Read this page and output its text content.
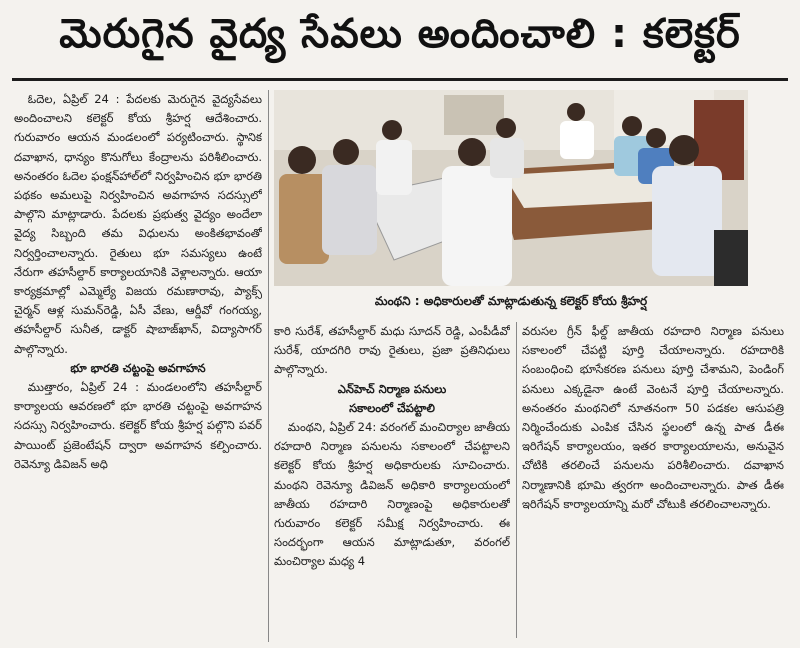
మెరుగైన వైద్య సేవలు అందించాలి : కలెక్టర్

ఓదెల, ఏప్రిల్ 24 : పేదలకు మెరుగైన వైద్యసేవలు అందించాలని కలెక్టర్ కోయ శ్రీహర్ష ఆదేశించారు. గురువారం ఆయన మండలంలో పర్యటించారు. స్థానిక దవాఖాన, ధాన్యం కొనుగోలు కేంద్రాలను పరిశీలించారు. అనంతరం ఓదెల ఫంక్షన్‌హాల్‌లో నిర్వహించిన భూ భారతి పథకం అమలుపై నిర్వహించిన అవగాహన సదస్సులో పాల్గొని మాట్లాడారు. పేదలకు ప్రభుత్వ వైద్యం అందేలా వైద్య సిబ్బంది తమ విధులను అంకితభావంతో నిర్వర్తించాలన్నారు. రైతులు భూ సమస్యలు ఉంటే నేరుగా తహసీల్దార్ కార్యాలయానికి వెళ్లాలన్నారు. ఆయా కార్యక్రమాల్లో ఎమ్మెల్యే విజయ రమణారావు, ప్యాక్స్ చైర్మన్ ఆళ్ల సుమన్‌రెడ్డి, ఏసీ వేణు, ఆర్డీవో గంగయ్య, తహసీల్దార్ సునీత, డాక్టర్ షాబాజ్‌ఖాన్, విద్యాసాగర్ పాల్గొన్నారు.

భూ భారతి చట్టంపై అవగాహన

ముత్తారం, ఏప్రిల్ 24 : మండలంలోని తహసీల్దార్ కార్యాలయ ఆవరణలో భూ భారతి చట్టంపై అవగాహన సదస్సు నిర్వహించారు. కలెక్టర్ కోయ శ్రీహర్ష పల్గొని పవర్ పాయింట్ ప్రజెంటేషన్ ద్వారా అవగాహన కల్పించారు. రెవెన్యూ డివిజన్ అధి

మంథని : అధికారులతో మాట్లాడుతున్న కలెక్టర్ కోయ శ్రీహర్ష

కారి సురేశ్, తహసీల్దార్ మధు సూదన్ రెడ్డి, ఎంపీడీవో సురేశ్, యాదగిరి రావు రైతులు, ప్రజా ప్రతినిధులు పాల్గొన్నారు.

ఎన్‌హెచ్ నిర్మాణ పనులు

సకాలంలో చేపట్టాలి

మంథని, ఏప్రిల్ 24: వరంగల్ మంచిర్యాల జాతీయ రహదారి నిర్మాణ పనులను సకాలంలో చేపట్టాలని కలెక్టర్ కోయ శ్రీహర్ష అధికారులకు సూచించారు. మంథని రెవెన్యూ డివిజన్ అధికారి కార్యాలయంలో జాతీయ రహదారి నిర్మాణంపై అధికారులతో గురువారం కలెక్టర్ సమీక్ష నిర్వహించారు. ఈ సందర్భంగా ఆయన మాట్లాడుతూ, వరంగల్ మంచిర్యాల మధ్య 4

వరుసల గ్రీన్ ఫీల్డ్ జాతీయ రహదారి నిర్మాణ పనులు సకాలంలో చేపట్టి పూర్తి చేయాలన్నారు. రహదారికి సంబంధించి భూసేకరణ పనులు పూర్తి చేశామని, పెండింగ్ పనులు ఎక్కడైనా ఉంటే వెంటనే పూర్తి చేయాలన్నారు. అనంతరం మంథనిలో నూతనంగా 50 పడకల ఆసుపత్రి నిర్మించేందుకు ఎంపిక చేసిన స్థలంలో ఉన్న పాత డీఈ ఇరిగేషన్ కార్యాలయం, ఇతర కార్యాలయాలను, అనువైన చోటికి తరలించే పనులను పరిశీలించారు. దవాఖాన నిర్మాణానికి భూమి త్వరగా అందించాలన్నారు. పాత డీఈ ఇరిగేషన్ కార్యాలయాన్ని మరో చోటుకి తరలించాలన్నారు.
